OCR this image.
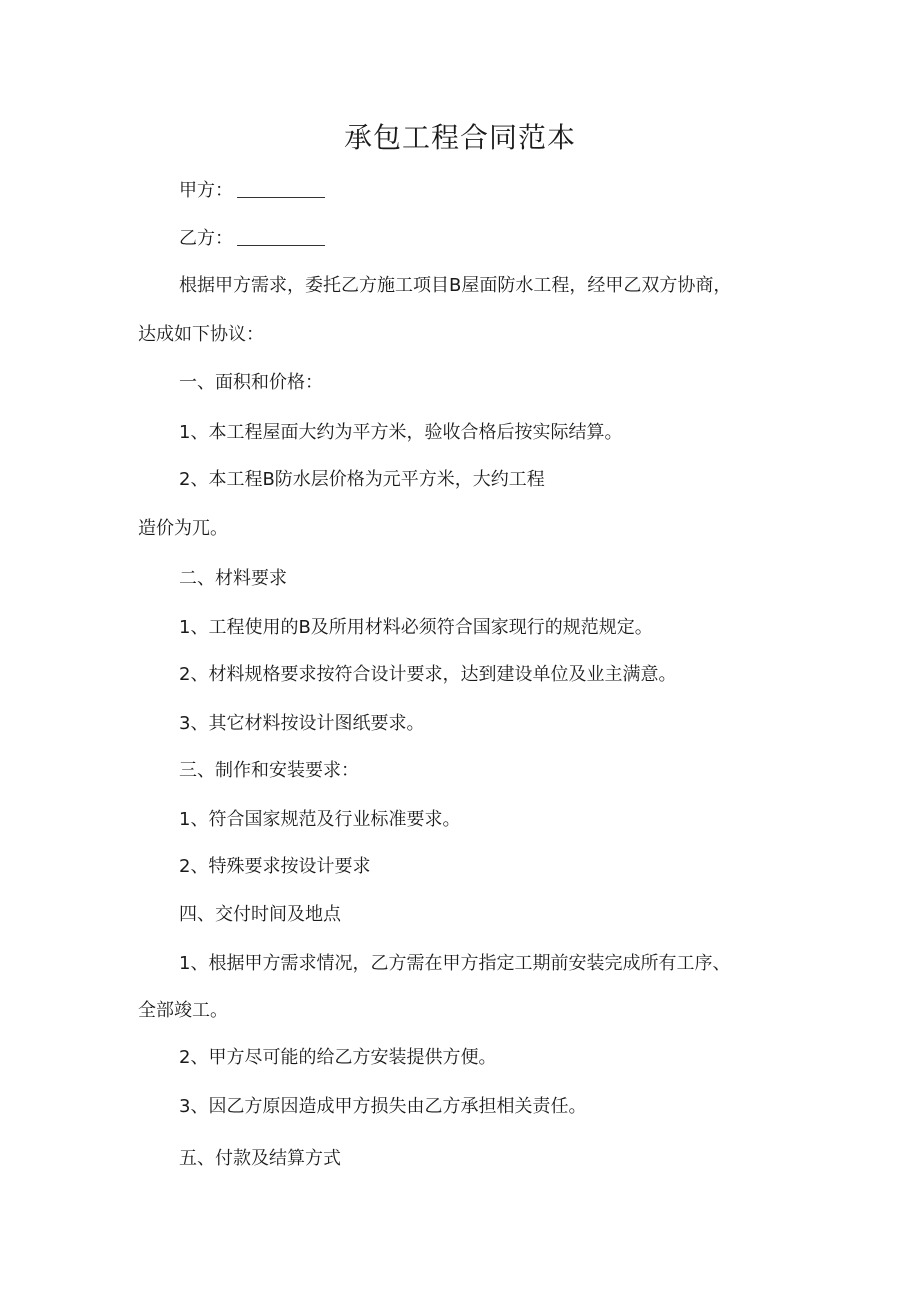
承包工程合同范本
甲方：
乙方：
根据甲方需求，委托乙方施工项目B屋面防水工程，经甲乙双方协商，
达成如下协议：
一、面积和价格：
1、本工程屋面大约为平方米，验收合格后按实际结算。
2、本工程B防水层价格为元平方米，大约工程
造价为兀。
二、材料要求
1、工程使用的B及所用材料必须符合国家现行的规范规定。
2、材料规格要求按符合设计要求，达到建设单位及业主满意。
3、其它材料按设计图纸要求。
三、制作和安装要求：
1、符合国家规范及行业标准要求。
2、特殊要求按设计要求
四、交付时间及地点
1、根据甲方需求情况，乙方需在甲方指定工期前安装完成所有工序、
全部竣工。
2、甲方尽可能的给乙方安装提供方便。
3、因乙方原因造成甲方损失由乙方承担相关责任。
五、付款及结算方式
